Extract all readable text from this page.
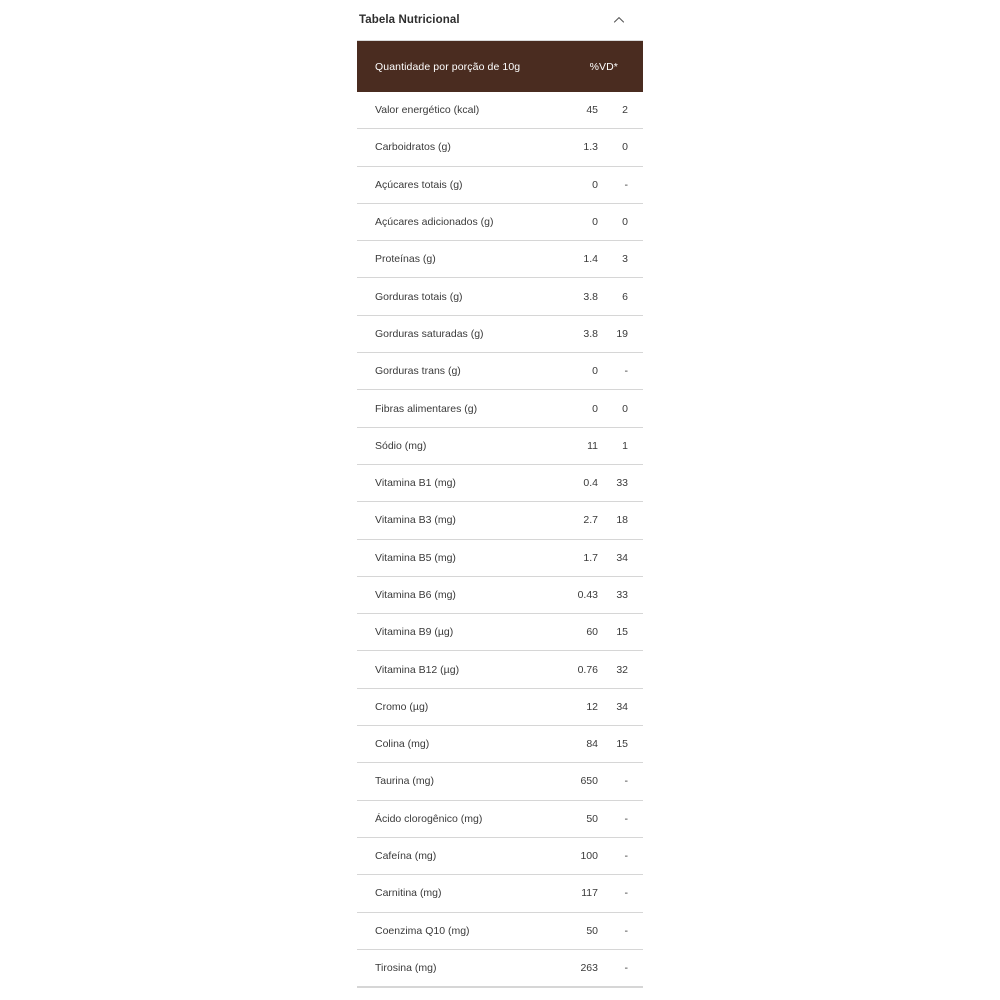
Tabela Nutricional
Quantidade por porção de 10g	%VD*
Valor energético (kcal)	45	2
Carboidratos (g)	1.3	0
Açúcares totais (g)	0	-
Açúcares adicionados (g)	0	0
Proteínas (g)	1.4	3
Gorduras totais (g)	3.8	6
Gorduras saturadas (g)	3.8	19
Gorduras trans (g)	0	-
Fibras alimentares (g)	0	0
Sódio (mg)	11	1
Vitamina B1 (mg)	0.4	33
Vitamina B3 (mg)	2.7	18
Vitamina B5 (mg)	1.7	34
Vitamina B6 (mg)	0.43	33
Vitamina B9 (µg)	60	15
Vitamina B12 (µg)	0.76	32
Cromo (µg)	12	34
Colina (mg)	84	15
Taurina (mg)	650	-
Ácido clorogênico (mg)	50	-
Cafeína (mg)	100	-
Carnitina (mg)	117	-
Coenzima Q10 (mg)	50	-
Tirosina (mg)	263	-
